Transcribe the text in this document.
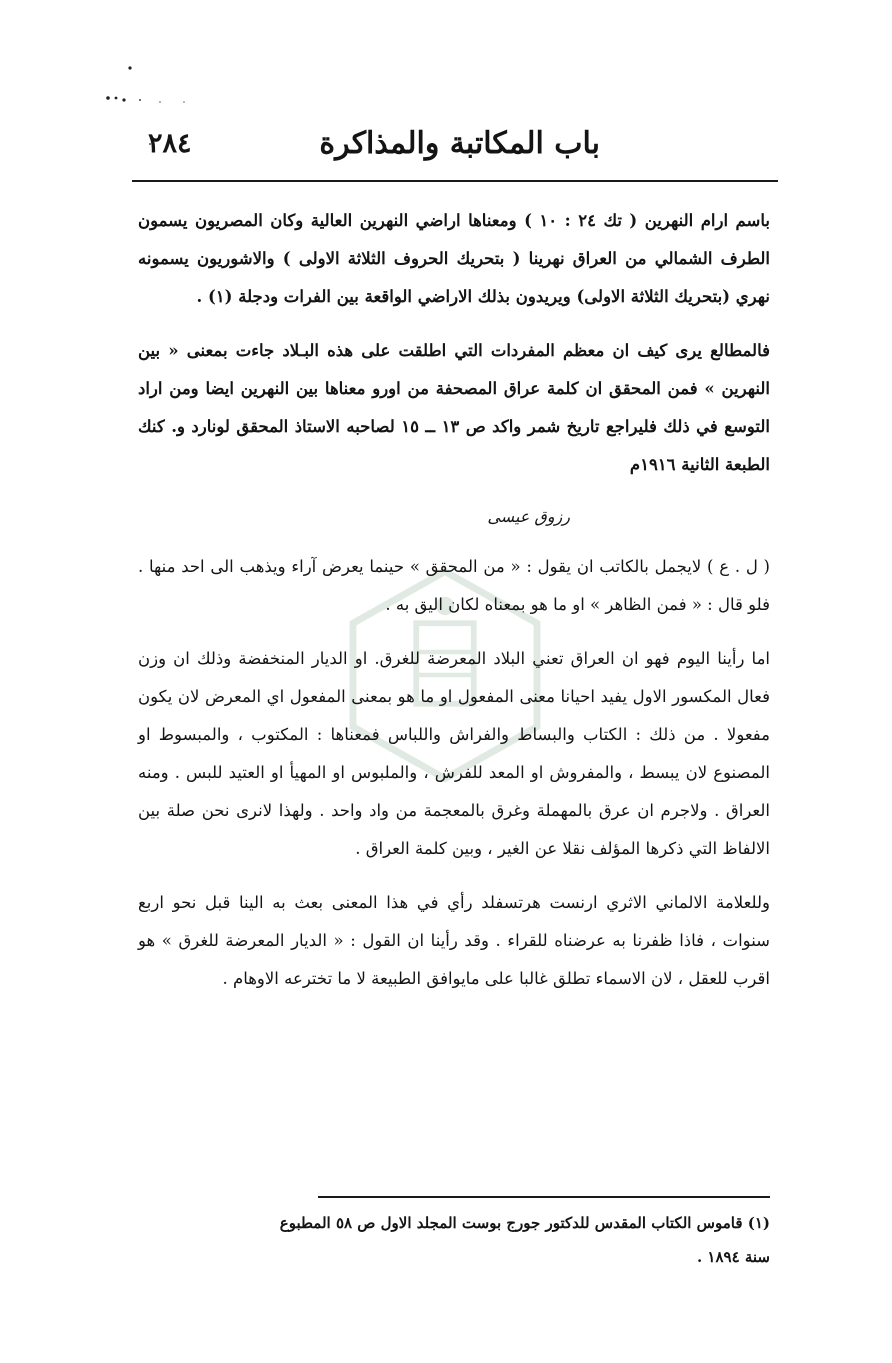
٢٨٤	باب المكاتبة والمذاكرة

باسم ارام النهرين ( تك ٢٤ : ١٠ ) ومعناها اراضي النهرين العالية وكان المصريون يسمون الطرف الشمالي من العراق نهرينا ( بتحريك الحروف الثلاثة الاولى ) والاشوريون يسمونه نهري (بتحريك الثلاثة الاولى) ويريدون بذلك الاراضي الواقعة بين الفرات ودجلة (١) .

فالمطالع يرى كيف ان معظم المفردات التي اطلقت على هذه البـلاد جاءت بمعنى « بين النهرين » فمن المحقق ان كلمة عراق المصحفة من اورو معناها بين النهرين ايضا ومن اراد التوسع في ذلك فليراجع تاريخ شمر واكد ص ١٣ ــ ١٥ لصاحبه الاستاذ المحقق لونارد و. كنك الطبعة الثانية ١٩١٦م

رزوق عيسى

( ل . ع ) لايجمل بالكاتب ان يقول : « من المحقق » حينما يعرض آراء ويذهب الى احد منها . فلو قال : « فمن الظاهر » او ما هو بمعناه لكان اليق به .

اما رأينا اليوم فهو ان العراق تعني البلاد المعرضة للغرق. او الديار المنخفضة وذلك ان وزن فعال المكسور الاول يفيد احيانا معنى المفعول او ما هو بمعنى المفعول اي المعرض لان يكون مفعولا . من ذلك : الكتاب والبساط والفراش واللباس فمعناها : المكتوب ، والمبسوط او المصنوع لان يبسط ، والمفروش او المعد للفرش ، والملبوس او المهيأ او العتيد للبس . ومنه العراق . ولاجرم ان عرق بالمهملة وغرق بالمعجمة من واد واحد . ولهذا لانرى نحن صلة بين الالفاظ التي ذكرها المؤلف نقلا عن الغير ، وبين كلمة العراق .

وللعلامة الالماني الاثري ارنست هرتسفلد رأي في هذا المعنى بعث به الينا قبل نحو اربع سنوات ، فاذا ظفرنا به عرضناه للقراء . وقد رأينا ان القول : « الديار المعرضة للغرق » هو اقرب للعقل ، لان الاسماء تطلق غالبا على مايوافق الطبيعة لا ما تخترعه الاوهام .

(١) قاموس الكتاب المقدس للدكتور جورج بوست المجلد الاول ص ٥٨ المطبوع
سنة ١٨٩٤ .
